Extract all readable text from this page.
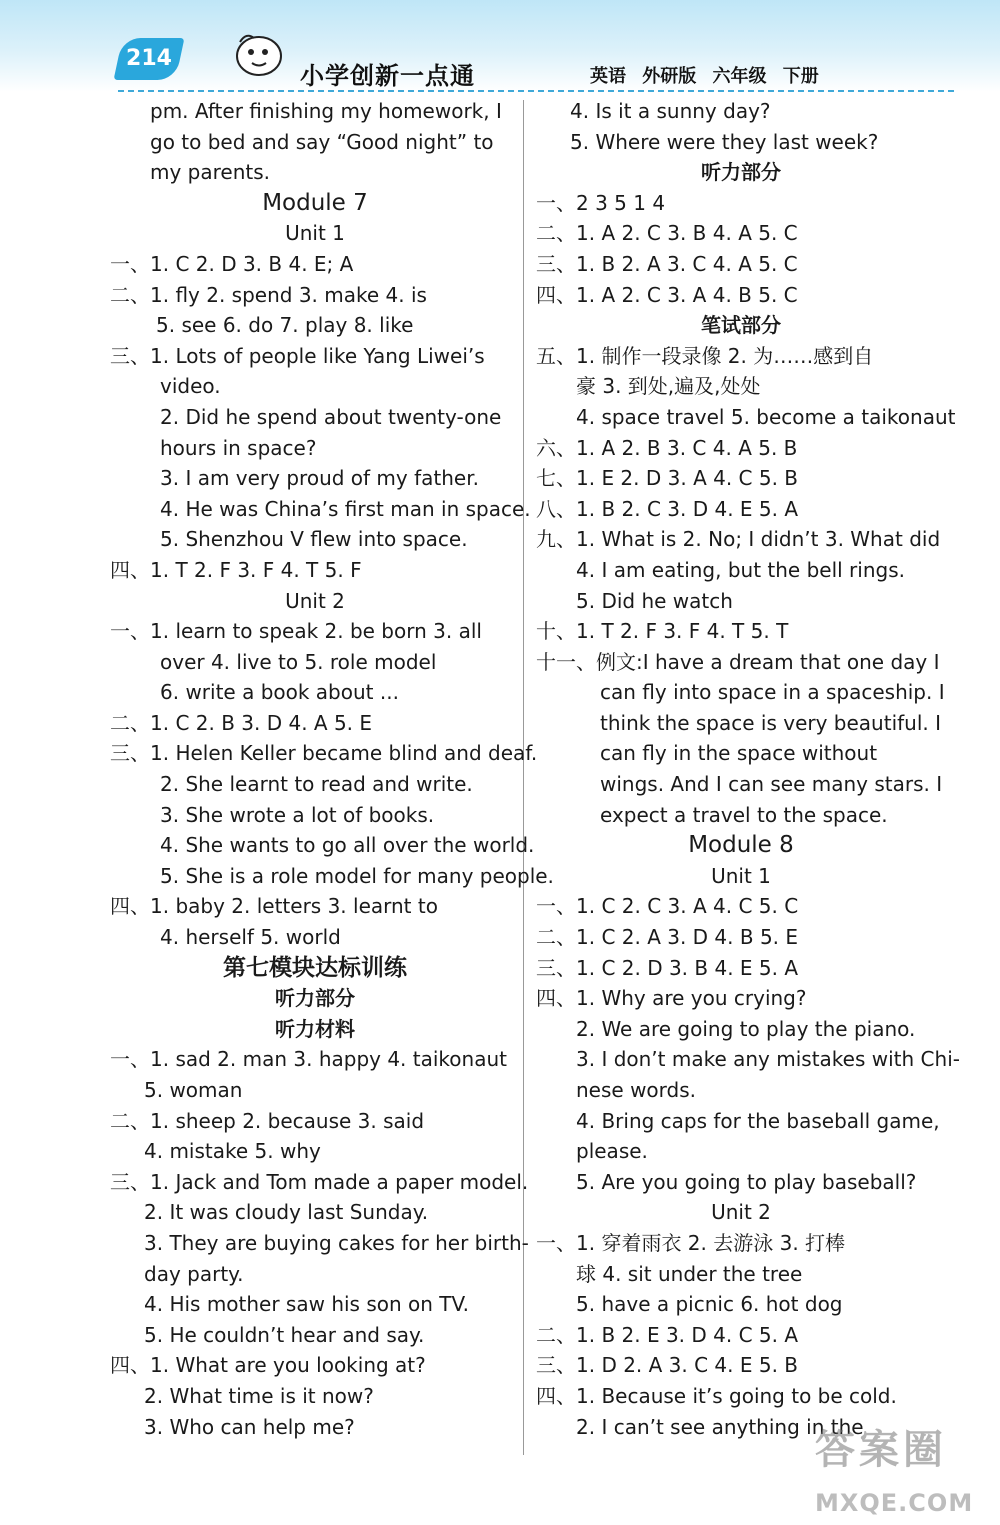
214
小学创新一点通	英语 外研版 六年级 下册
pm. After finishing my homework, I
go to bed and say “Good night” to
my parents.
Module 7
Unit 1
一、1. C 2. D 3. B 4. E; A
二、1. fly 2. spend 3. make 4. is
5. see 6. do 7. play 8. like
三、1. Lots of people like Yang Liwei’s
video.
2. Did he spend about twenty-one
hours in space?
3. I am very proud of my father.
4. He was China’s first man in space.
5. Shenzhou V flew into space.
四、1. T 2. F 3. F 4. T 5. F
Unit 2
一、1. learn to speak 2. be born 3. all
over 4. live to 5. role model
6. write a book about ...
二、1. C 2. B 3. D 4. A 5. E
三、1. Helen Keller became blind and deaf.
2. She learnt to read and write.
3. She wrote a lot of books.
4. She wants to go all over the world.
5. She is a role model for many people.
四、1. baby 2. letters 3. learnt to
4. herself 5. world
第七模块达标训练
听力部分
听力材料
一、1. sad 2. man 3. happy 4. taikonaut
5. woman
二、1. sheep 2. because 3. said
4. mistake 5. why
三、1. Jack and Tom made a paper model.
2. It was cloudy last Sunday.
3. They are buying cakes for her birth-
day party.
4. His mother saw his son on TV.
5. He couldn’t hear and say.
四、1. What are you looking at?
2. What time is it now?
3. Who can help me?
4. Is it a sunny day?
5. Where were they last week?
听力部分
一、2 3 5 1 4
二、1. A 2. C 3. B 4. A 5. C
三、1. B 2. A 3. C 4. A 5. C
四、1. A 2. C 3. A 4. B 5. C
笔试部分
五、1. 制作一段录像 2. 为……感到自
豪 3. 到处,遍及,处处
4. space travel 5. become a taikonaut
六、1. A 2. B 3. C 4. A 5. B
七、1. E 2. D 3. A 4. C 5. B
八、1. B 2. C 3. D 4. E 5. A
九、1. What is 2. No; I didn’t 3. What did
4. I am eating, but the bell rings.
5. Did he watch
十、1. T 2. F 3. F 4. T 5. T
十一、例文:I have a dream that one day I
can fly into space in a spaceship. I
think the space is very beautiful. I
can fly in the space without
wings. And I can see many stars. I
expect a travel to the space.
Module 8
Unit 1
一、1. C 2. C 3. A 4. C 5. C
二、1. C 2. A 3. D 4. B 5. E
三、1. C 2. D 3. B 4. E 5. A
四、1. Why are you crying?
2. We are going to play the piano.
3. I don’t make any mistakes with Chi-
nese words.
4. Bring caps for the baseball game,
please.
5. Are you going to play baseball?
Unit 2
一、1. 穿着雨衣 2. 去游泳 3. 打棒
球 4. sit under the tree
5. have a picnic 6. hot dog
二、1. B 2. E 3. D 4. C 5. A
三、1. D 2. A 3. C 4. E 5. B
四、1. Because it’s going to be cold.
2. I can’t see anything in the
答案圈
MXQE.COM
